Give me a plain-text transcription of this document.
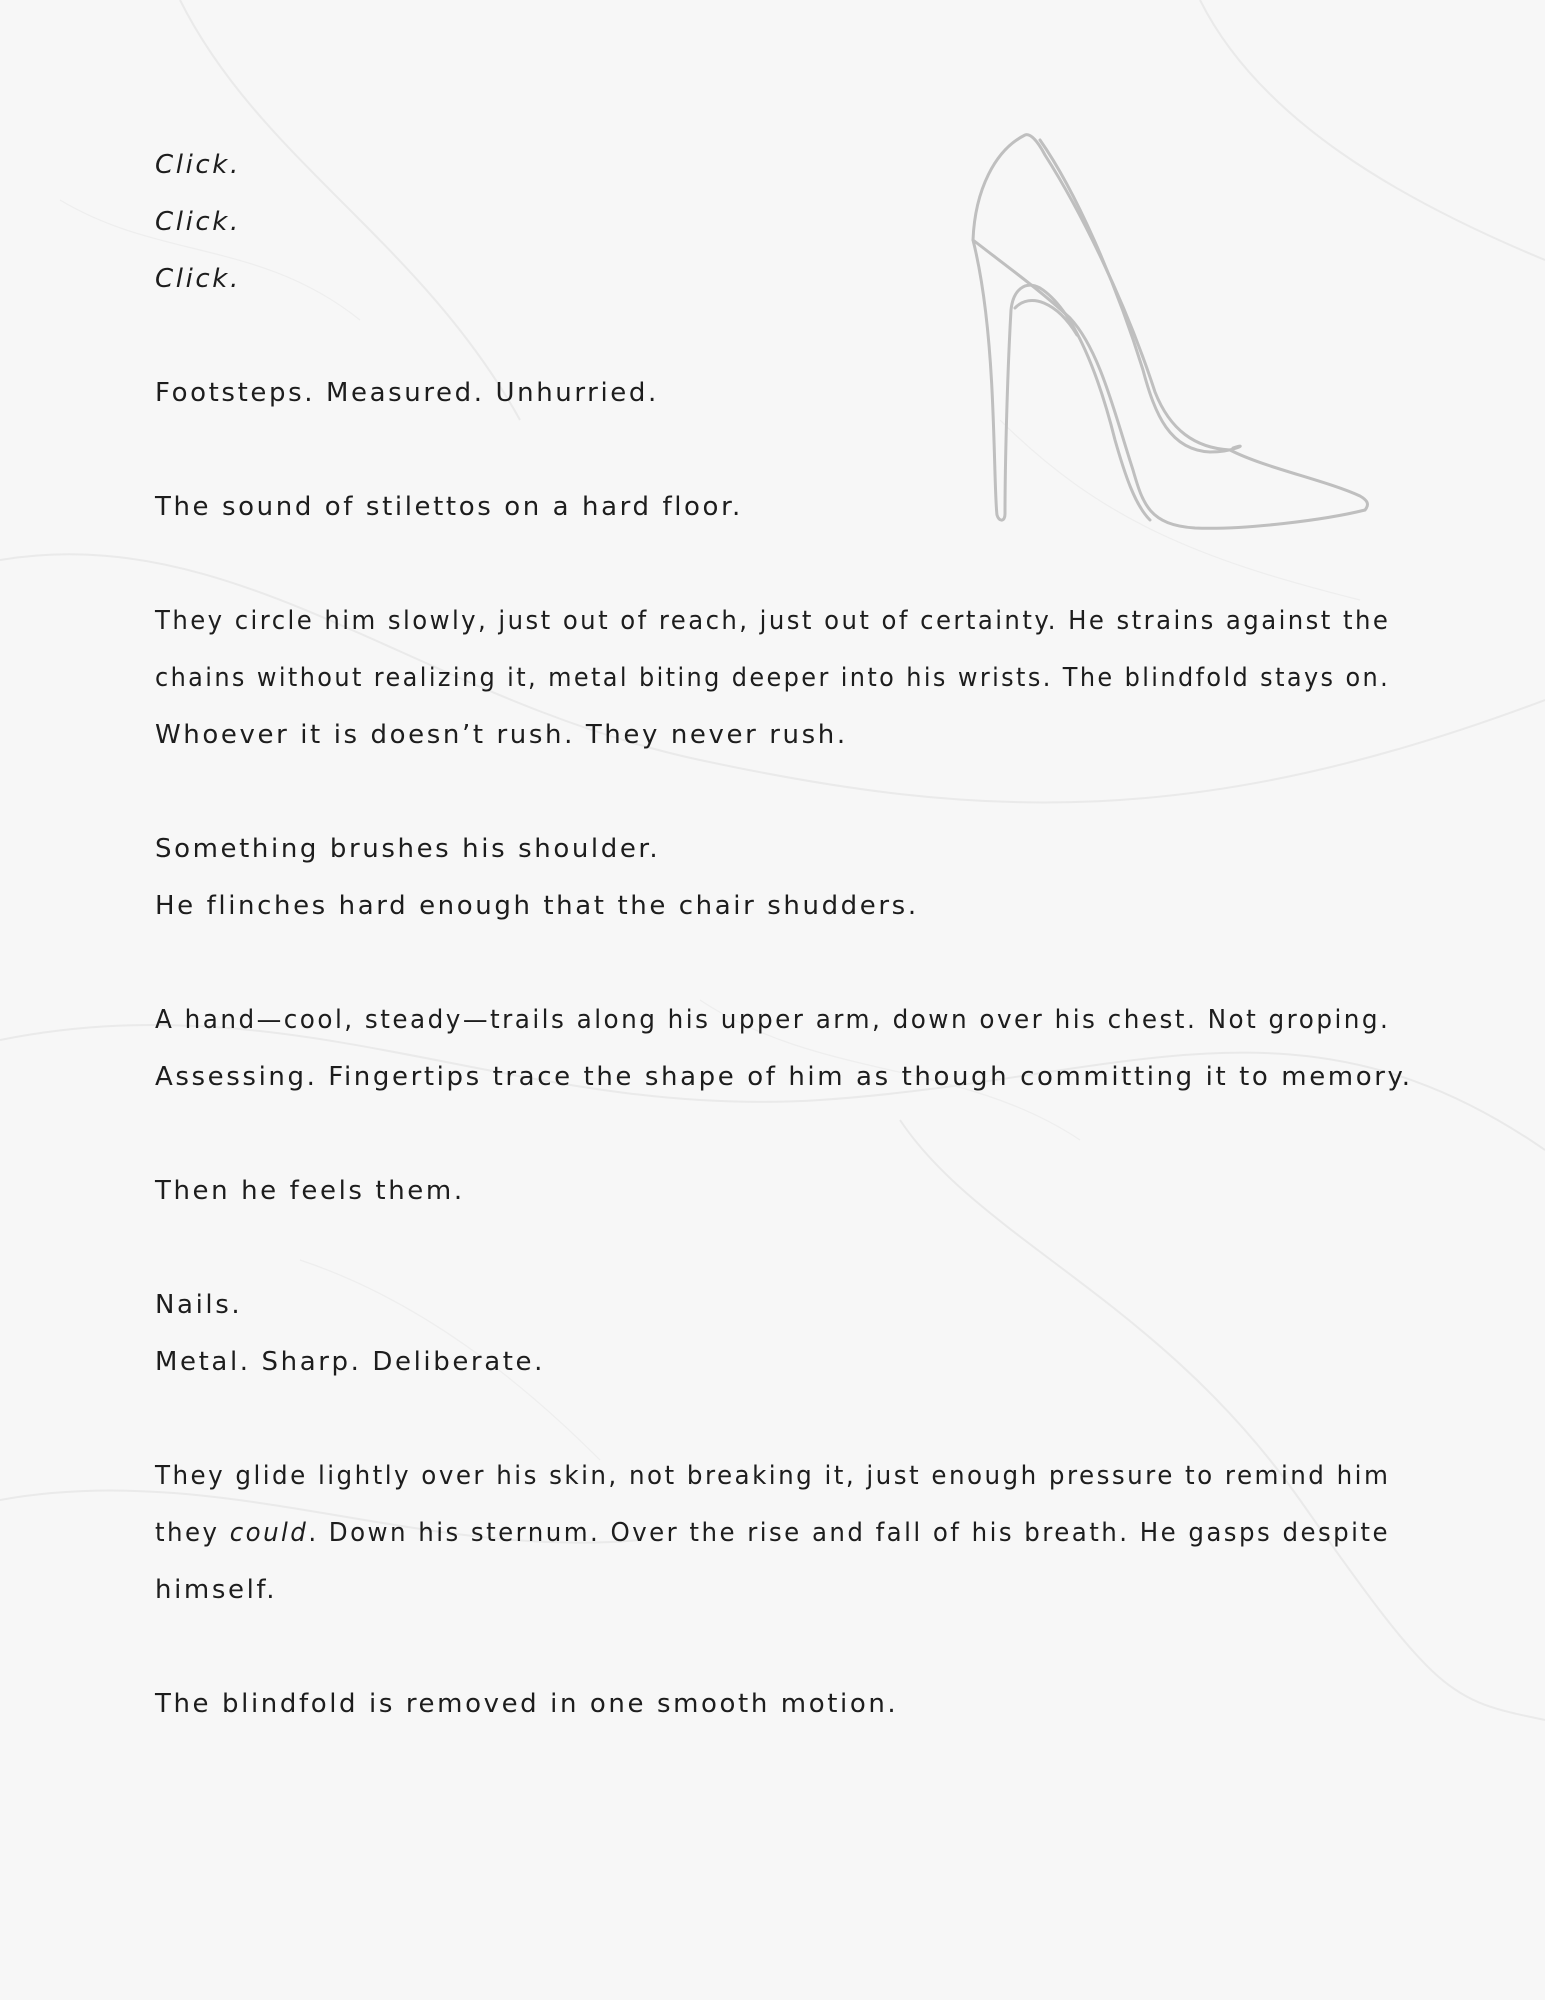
Click.
Click.
Click.
Footsteps. Measured. Unhurried.
The sound of stilettos on a hard floor.
They circle him slowly, just out of reach, just out of certainty. He strains against the
chains without realizing it, metal biting deeper into his wrists. The blindfold stays on.
Whoever it is doesn’t rush. They never rush.
Something brushes his shoulder.
He flinches hard enough that the chair shudders.
A hand—cool, steady—trails along his upper arm, down over his chest. Not groping.
Assessing. Fingertips trace the shape of him as though committing it to memory.
Then he feels them.
Nails.
Metal. Sharp. Deliberate.
They glide lightly over his skin, not breaking it, just enough pressure to remind him
they could. Down his sternum. Over the rise and fall of his breath. He gasps despite
himself.
The blindfold is removed in one smooth motion.
